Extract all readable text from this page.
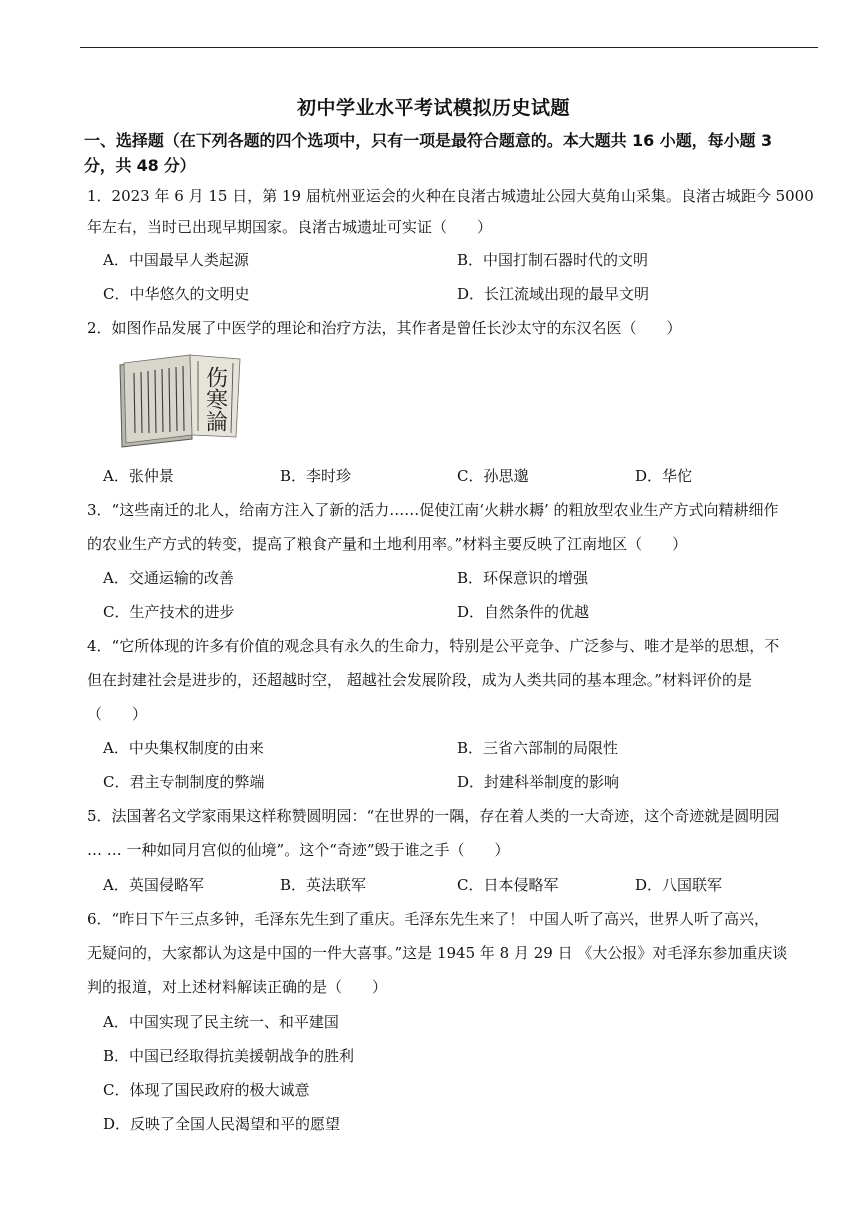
初中学业水平考试模拟历史试题
一、选择题（在下列各题的四个选项中，只有一项是最符合题意的。本大题共 16 小题，每小题 3
分，共 48 分）
1．2023 年 6 月 15 日，第 19 届杭州亚运会的火种在良渚古城遗址公园大莫角山采集。良渚古城距今 5000
年左右，当时已出现早期国家。良渚古城遗址可实证（　　）
A．中国最早人类起源	B．中国打制石器时代的文明
C．中华悠久的文明史	D．长江流域出现的最早文明
2．如图作品发展了中医学的理论和治疗方法，其作者是曾任长沙太守的东汉名医（　　）
伤寒論
A．张仲景	B．李时珍	C．孙思邈	D．华佗
3．“这些南迁的北人，给南方注入了新的活力……促使江南‘火耕水耨’ 的粗放型农业生产方式向精耕细作
的农业生产方式的转变，提高了粮食产量和土地利用率。”材料主要反映了江南地区（　　）
A．交通运输的改善	B．环保意识的增强
C．生产技术的进步	D．自然条件的优越
4．“它所体现的许多有价值的观念具有永久的生命力，特别是公平竞争、广泛参与、唯才是举的思想，不
但在封建社会是进步的，还超越时空， 超越社会发展阶段，成为人类共同的基本理念。”材料评价的是
（　　）
A．中央集权制度的由来	B．三省六部制的局限性
C．君主专制制度的弊端	D．封建科举制度的影响
5．法国著名文学家雨果这样称赞圆明园：“在世界的一隅，存在着人类的一大奇迹，这个奇迹就是圆明园
… … 一种如同月宫似的仙境”。这个“奇迹”毁于谁之手（　　）
A．英国侵略军	B．英法联军	C．日本侵略军	D．八国联军
6．“昨日下午三点多钟，毛泽东先生到了重庆。毛泽东先生来了！ 中国人听了高兴，世界人听了高兴，
无疑问的，大家都认为这是中国的一件大喜事。”这是 1945 年 8 月 29 日 《大公报》对毛泽东参加重庆谈
判的报道，对上述材料解读正确的是（　　）
A．中国实现了民主统一、和平建国
B．中国已经取得抗美援朝战争的胜利
C．体现了国民政府的极大诚意
D．反映了全国人民渴望和平的愿望
